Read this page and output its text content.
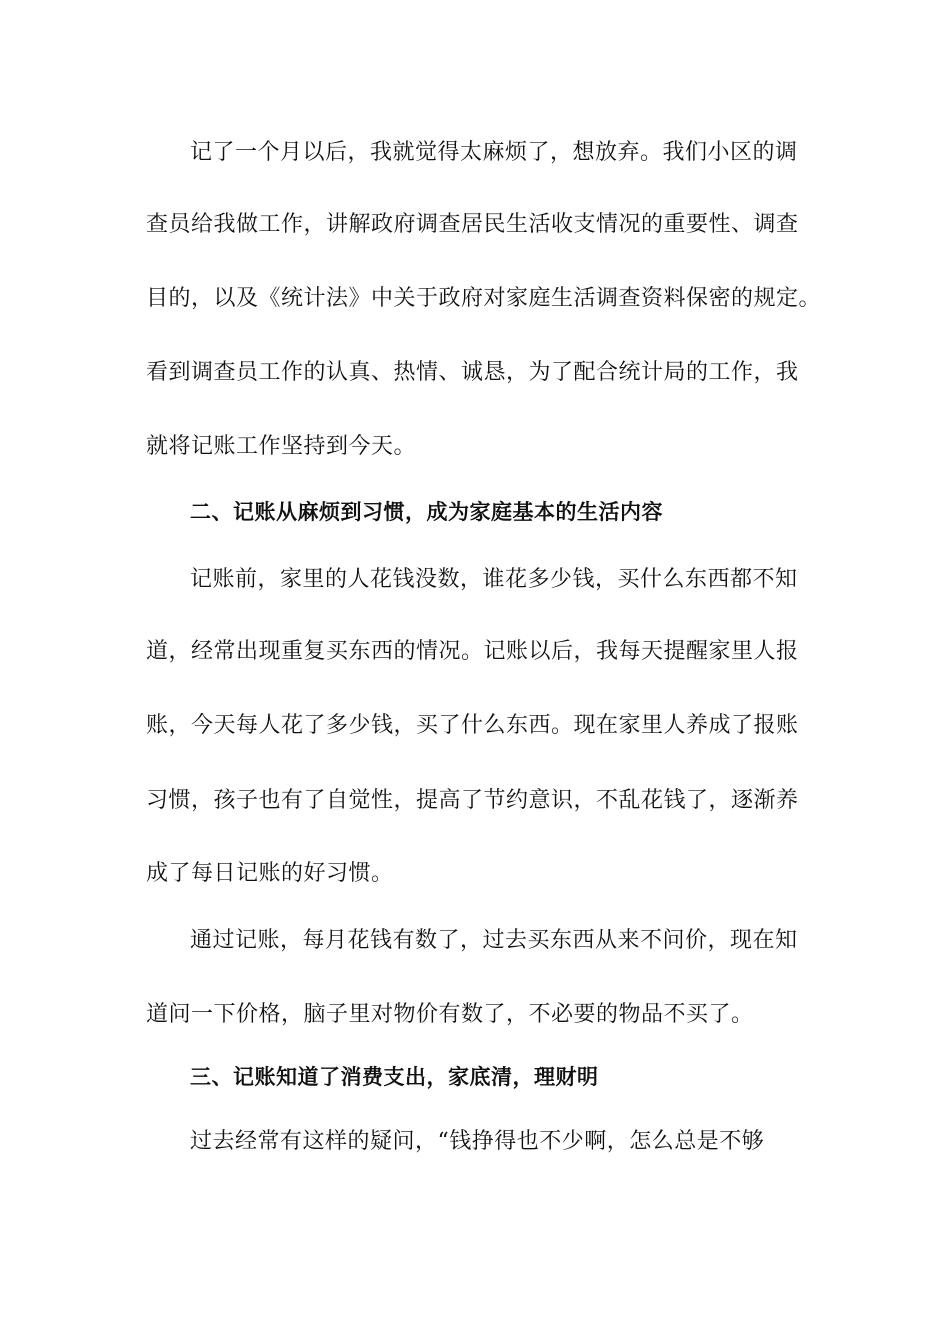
记了一个月以后，我就觉得太麻烦了，想放弃。我们小区的调
查员给我做工作，讲解政府调查居民生活收支情况的重要性、调查
目的，以及《统计法》中关于政府对家庭生活调查资料保密的规定。
看到调查员工作的认真、热情、诚恳，为了配合统计局的工作，我
就将记账工作坚持到今天。
二、记账从麻烦到习惯，成为家庭基本的生活内容
记账前，家里的人花钱没数，谁花多少钱，买什么东西都不知
道，经常出现重复买东西的情况。记账以后，我每天提醒家里人报
账，今天每人花了多少钱，买了什么东西。现在家里人养成了报账
习惯，孩子也有了自觉性，提高了节约意识，不乱花钱了，逐渐养
成了每日记账的好习惯。
通过记账，每月花钱有数了，过去买东西从来不问价，现在知
道问一下价格，脑子里对物价有数了，不必要的物品不买了。
三、记账知道了消费支出，家底清，理财明
过去经常有这样的疑问，“钱挣得也不少啊，怎么总是不够
